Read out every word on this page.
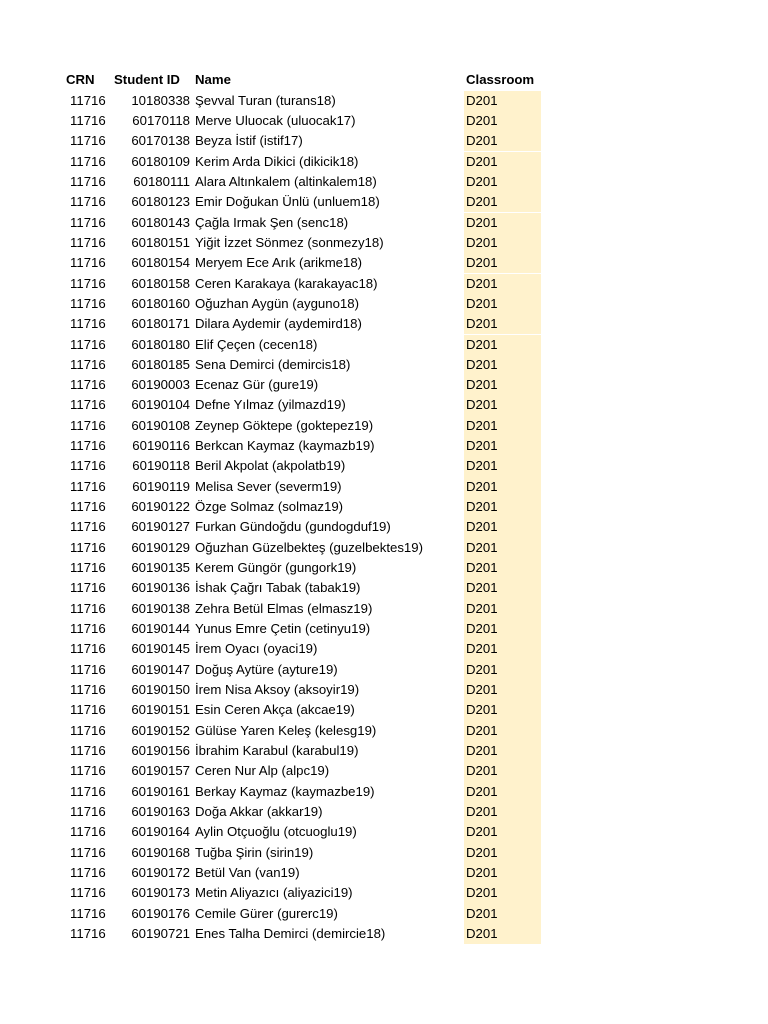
CRN	Student ID	Name	Classroom
11716	10180338 Şevval Turan (turans18)	D201
11716	60170118 Merve Uluocak (uluocak17)	D201
11716	60170138 Beyza İstif (istif17)	D201
11716	60180109 Kerim Arda Dikici (dikicik18)	D201
11716	60180111 Alara Altınkalem (altinkalem18)	D201
11716	60180123 Emir Doğukan Ünlü (unluem18)	D201
11716	60180143 Çağla Irmak Şen (senc18)	D201
11716	60180151 Yiğit İzzet Sönmez (sonmezy18)	D201
11716	60180154 Meryem Ece Arık (arikme18)	D201
11716	60180158 Ceren Karakaya (karakayac18)	D201
11716	60180160 Oğuzhan Aygün (ayguno18)	D201
11716	60180171 Dilara Aydemir (aydemird18)	D201
11716	60180180 Elif Çeçen (cecen18)	D201
11716	60180185 Sena Demirci (demircis18)	D201
11716	60190003 Ecenaz Gür (gure19)	D201
11716	60190104 Defne Yılmaz (yilmazd19)	D201
11716	60190108 Zeynep Göktepe (goktepez19)	D201
11716	60190116 Berkcan Kaymaz (kaymazb19)	D201
11716	60190118 Beril Akpolat (akpolatb19)	D201
11716	60190119 Melisa Sever (severm19)	D201
11716	60190122 Özge Solmaz (solmaz19)	D201
11716	60190127 Furkan Gündoğdu (gundogduf19)	D201
11716	60190129 Oğuzhan Güzelbekteş (guzelbektes19)	D201
11716	60190135 Kerem Güngör (gungork19)	D201
11716	60190136 İshak Çağrı Tabak (tabak19)	D201
11716	60190138 Zehra Betül Elmas (elmasz19)	D201
11716	60190144 Yunus Emre Çetin (cetinyu19)	D201
11716	60190145 İrem Oyacı (oyaci19)	D201
11716	60190147 Doğuş Aytüre (ayture19)	D201
11716	60190150 İrem Nisa Aksoy (aksoyir19)	D201
11716	60190151 Esin Ceren Akça (akcae19)	D201
11716	60190152 Gülüse Yaren Keleş (kelesg19)	D201
11716	60190156 İbrahim Karabul (karabul19)	D201
11716	60190157 Ceren Nur Alp (alpc19)	D201
11716	60190161 Berkay Kaymaz (kaymazbe19)	D201
11716	60190163 Doğa Akkar (akkar19)	D201
11716	60190164 Aylin Otçuoğlu (otcuoglu19)	D201
11716	60190168 Tuğba Şirin (sirin19)	D201
11716	60190172 Betül Van (van19)	D201
11716	60190173 Metin Aliyazıcı (aliyazici19)	D201
11716	60190176 Cemile Gürer (gurerc19)	D201
11716	60190721 Enes Talha Demirci (demircie18)	D201
